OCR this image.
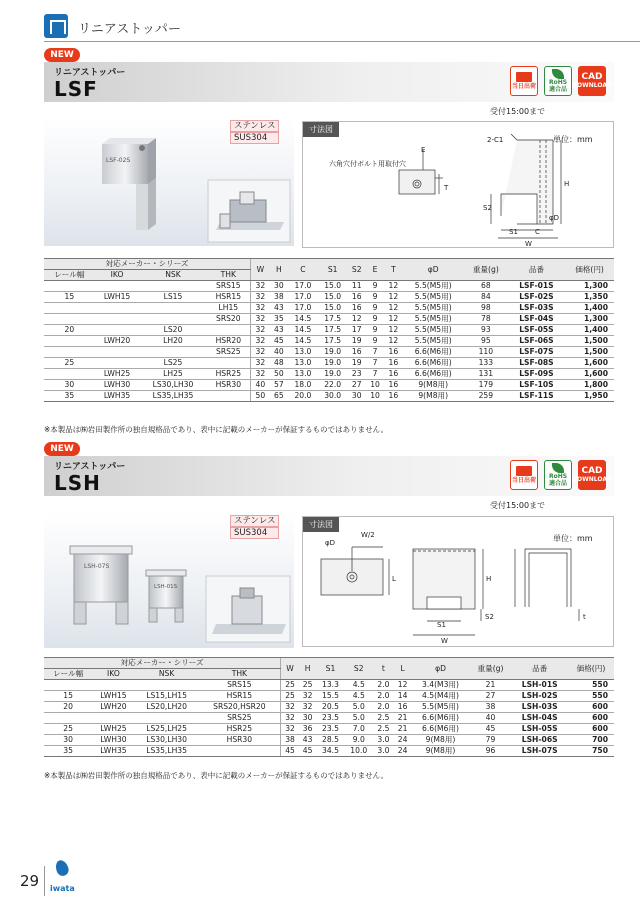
リニアストッパー
NEW
リニアストッパー
LSF	当日出荷
RoHS
適合品
CAD
DOWNLOAD
受付15:00まで
LSF-02S
ステンレス
SUS304
寸法図
単位：mm
六角穴付ボルト用取付穴
2-C1
E
T	H
S2
S1 C
W
φD
対応メーカー・シリーズ				W	H	C	S1	S2	E	T	φD	重量(g)	品番	価格(円)
レール幅	IKO	NSK	THK											
			SRS15	32	30	17.0	15.0	11	9	12	5.5(M5用)	68	LSF-01S	1,300
15	LWH15	LS15	HSR15	32	38	17.0	15.0	16	9	12	5.5(M5用)	84	LSF-02S	1,350
			LH15	32	43	17.0	15.0	16	9	12	5.5(M5用)	98	LSF-03S	1,400
			SRS20	32	35	14.5	17.5	12	9	12	5.5(M5用)	78	LSF-04S	1,300
20		LS20		32	43	14.5	17.5	17	9	12	5.5(M5用)	93	LSF-05S	1,400
	LWH20	LH20	HSR20	32	45	14.5	17.5	19	9	12	5.5(M5用)	95	LSF-06S	1,500
			SRS25	32	40	13.0	19.0	16	7	16	6.6(M6用)	110	LSF-07S	1,500
25		LS25		32	48	13.0	19.0	19	7	16	6.6(M6用)	133	LSF-08S	1,600
	LWH25	LH25	HSR25	32	50	13.0	19.0	23	7	16	6.6(M6用)	131	LSF-09S	1,600
30	LWH30	LS30,LH30	HSR30	40	57	18.0	22.0	27	10	16	9(M8用)	179	LSF-10S	1,800
35	LWH35	LS35,LH35		50	65	20.0	30.0	30	10	16	9(M8用)	259	LSF-11S	1,950
※本製品は㈱岩田製作所の独自規格品であり、表中に記載のメーカーが保証するものではありません。
NEW
リニアストッパー
LSH	当日出荷
RoHS
適合品
CAD
DOWNLOAD
受付15:00まで
LSH-07S
LSH-01S
ステンレス
SUS304
寸法図
単位：mm
φD
W/2
L	H
S1
W
S2	t
対応メーカー・シリーズ				W	H	S1	S2	t	L	φD	重量(g)	品番	価格(円)
レール幅	IKO	NSK	THK										
			SRS15	25	25	13.3	4.5	2.0	12	3.4(M3用)	21	LSH-01S	550
15	LWH15	LS15,LH15	HSR15	25	32	15.5	4.5	2.0	14	4.5(M4用)	27	LSH-02S	550
20	LWH20	LS20,LH20	SRS20,HSR20	32	32	20.5	5.0	2.0	16	5.5(M5用)	38	LSH-03S	600
			SRS25	32	30	23.5	5.0	2.5	21	6.6(M6用)	40	LSH-04S	600
25	LWH25	LS25,LH25	HSR25	32	36	23.5	7.0	2.5	21	6.6(M6用)	45	LSH-05S	600
30	LWH30	LS30,LH30	HSR30	38	43	28.5	9.0	3.0	24	9(M8用)	79	LSH-06S	700
35	LWH35	LS35,LH35		45	45	34.5	10.0	3.0	24	9(M8用)	96	LSH-07S	750
※本製品は㈱岩田製作所の独自規格品であり、表中に記載のメーカーが保証するものではありません。
29 iwata
